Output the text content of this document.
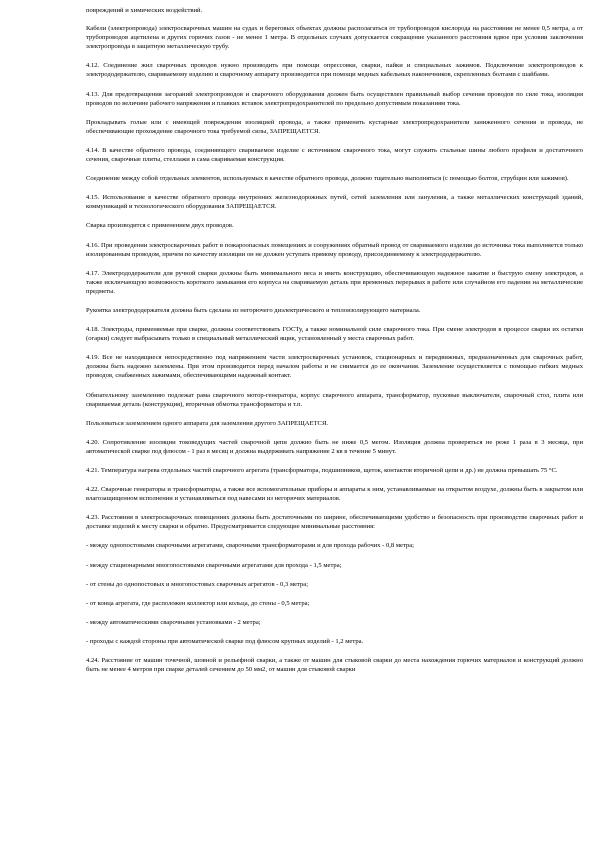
повреждений и химических воздействий.

Кабели (электропровода) электросварочных машин на судах и береговых объектах должны располагаться от трубопроводов кислорода на расстоянии не менее 0,5 метра, а от трубопроводов ацетилена и других горючих газов - не менее 1 метра. В отдельных случаях допускается сокращение указанного расстояния вдвое при условии заключения электропровода в защитную металлическую трубу.

4.12. Соединение жил сварочных проводов нужно производить при помощи опрессовки, сварки, пайки и специальных зажимов. Подключение электропроводов к электрододержателю, свариваемому изделию и сварочному аппарату производится при помощи медных кабельных наконечников, скрепленных болтами с шайбами.

4.13. Для предотвращения загораний электропроводов и сварочного оборудования должен быть осуществлен правильный выбор сечения проводов по силе тока, изоляция проводов по величине рабочего напряжения и плавких вставок электропредохранителей по предельно допустимым показаниям тока.

Прокладывать голые или с имеющей повреждения изоляцией провода, а также применять кустарные электропредохранители заниженного сечения и провода, не обеспечивающие прохождение сварочного тока требуемой силы, ЗАПРЕЩАЕТСЯ.

4.14. В качестве обратного провода, соединяющего свариваемое изделие с источником сварочного тока, могут служить стальные шины любого профиля и достаточного сечения, сварочные плиты, стеллажи и сама свариваемая конструкция.

Соединение между собой отдельных элементов, используемых в качестве обратного провода, должно тщательно выполняться (с помощью болтов, струбцин или зажимов).

4.15. Использование в качестве обратного провода внутренних железнодорожных путей, сетей заземления или зануления, а также металлических конструкций зданий, коммуникаций и технологического оборудования ЗАПРЕЩАЕТСЯ.

Сварка производится с применением двух проводов.

4.16. При проведении электросварочных работ в пожароопасных помещениях и сооружениях обратный провод от свариваемого изделия до источника тока выполняется только изолированным проводом, причем по качеству изоляции он не должен уступать прямому проводу, присоединяемому к электрододержателю.

4.17. Электрододержатели для ручной сварки должны быть минимального веса и иметь конструкцию, обеспечивающую надежное зажатие и быструю смену электродов, а также исключающую возможность короткого замыкания его корпуса на свариваемую деталь при временных перерывах в работе или случайном его падении на металлические предметы.

Рукоятка электрододержателя должна быть сделана из негорючего диэлектрического и теплоизолирующего материала.

4.18. Электроды, применяемые при сварке, должны соответствовать ГОСТу, а также номинальной силе сварочного тока. При смене электродов в процессе сварки их остатки (огарки) следует выбрасывать только в специальный металлический ящик, установленный у места сварочных работ.

4.19. Все не находящиеся непосредственно под напряжением части электросварочных установок, стационарных и передвижных, предназначенных для сварочных работ, должны быть надежно заземлены. При этом производится перед началом работы и не снимается до ее окончания. Заземление осуществляется с помощью гибких медных проводов, снабженных зажимами, обеспечивающими надежный контакт.

Обязательному заземлению подлежат рама сварочного мотор-генератора, корпус сварочного аппарата, трансформатор, пусковые выключатели, сварочный стол, плита или свариваемая деталь (конструкция), вторичная обмотка трансформатора и т.п.

Пользоваться заземлением одного аппарата для заземления другого ЗАПРЕЩАЕТСЯ.

4.20. Сопротивление изоляции токоведущих частей сварочной цепи должно быть не ниже 0,5 мегом. Изоляция должна проверяться не реже 1 раза в 3 месяца, при автоматической сварке под флюсом - 1 раз в месяц и должна выдерживать напряжение 2 кв в течение 5 минут.

4.21. Температура нагрева отдельных частей сварочного агрегата (трансформатора, подшипников, щеток, контактов вторичной цепи и др.) не должна превышать 75 °С.

4.22. Сварочные генераторы и трансформаторы, а также все вспомогательные приборы и аппараты к ним, устанавливаемые на открытом воздухе, должны быть в закрытом или влагозащищенном исполнении и устанавливаться под навесами из негорючих материалов.

4.23. Расстояния в электросварочных помещениях должны быть достаточными по ширине, обеспечивающими удобство и безопасность при производстве сварочных работ и доставке изделий к месту сварки и обратно. Предусматривается следующие минимальные расстояния:

- между однопостовыми сварочными агрегатами, сварочными трансформаторами и для прохода рабочих - 0,8 метра;

- между стационарными многопостовыми сварочными агрегатами для прохода - 1,5 метра;

- от стены до однопостовых и многопостовых сварочных агрегатов - 0,3 метра;

- от конца агрегата, где расположен коллектор или кольца, до стены - 0,5 метра;

- между автоматическими сварочными установками - 2 метра;

- проходы с каждой стороны при автоматической сварке под флюсом крупных изделий - 1,2 метра.

4.24. Расстояние от машин точечной, шовной и рельефной сварки, а также от машин для стыковой сварки до места нахождения горючих материалов и конструкций должно быть не менее 4 метров при сварке деталей сечением до 50 мм2, от машин для стыковой сварки
